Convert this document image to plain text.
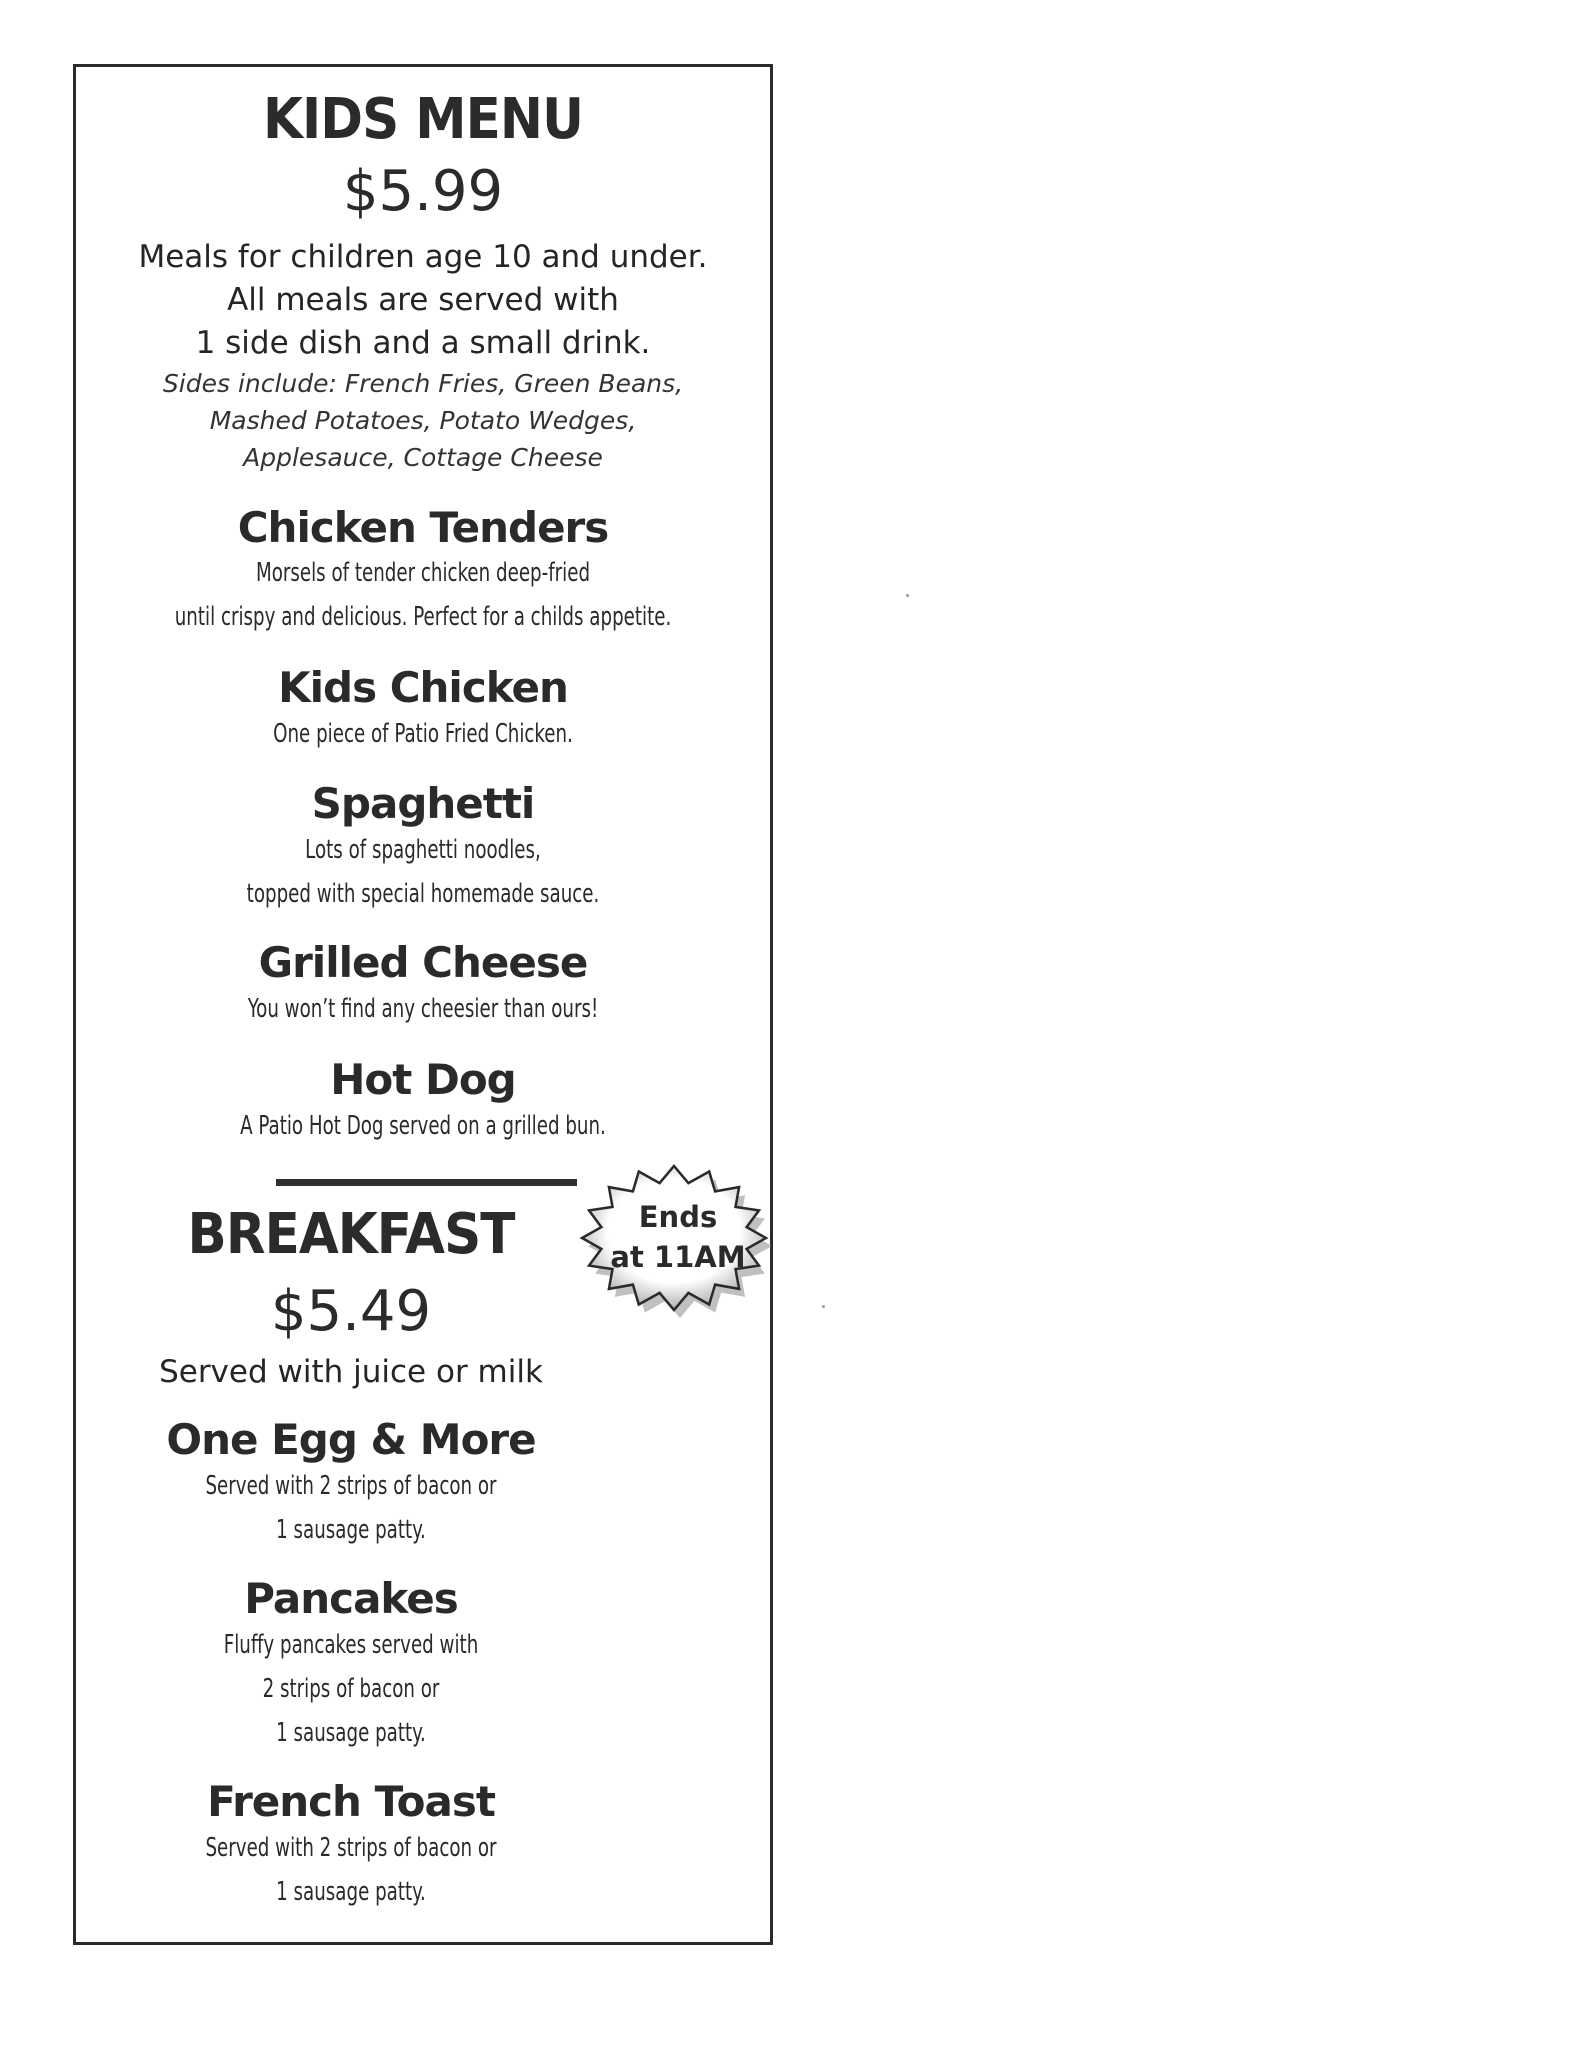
KIDS MENU
$5.99
Meals for children age 10 and under.
All meals are served with
1 side dish and a small drink.
Sides include: French Fries, Green Beans,
Mashed Potatoes, Potato Wedges,
Applesauce, Cottage Cheese
Chicken Tenders
Morsels of tender chicken deep-fried
until crispy and delicious. Perfect for a childs appetite.
Kids Chicken
One piece of Patio Fried Chicken.
Spaghetti
Lots of spaghetti noodles,
topped with special homemade sauce.
Grilled Cheese
You won’t find any cheesier than ours!
Hot Dog
A Patio Hot Dog served on a grilled bun.
BREAKFAST
$5.49
Served with juice or milk
One Egg & More
Served with 2 strips of bacon or
1 sausage patty.
Pancakes
Fluffy pancakes served with
2 strips of bacon or
1 sausage patty.
French Toast
Served with 2 strips of bacon or
1 sausage patty.
Ends
at 11AM
